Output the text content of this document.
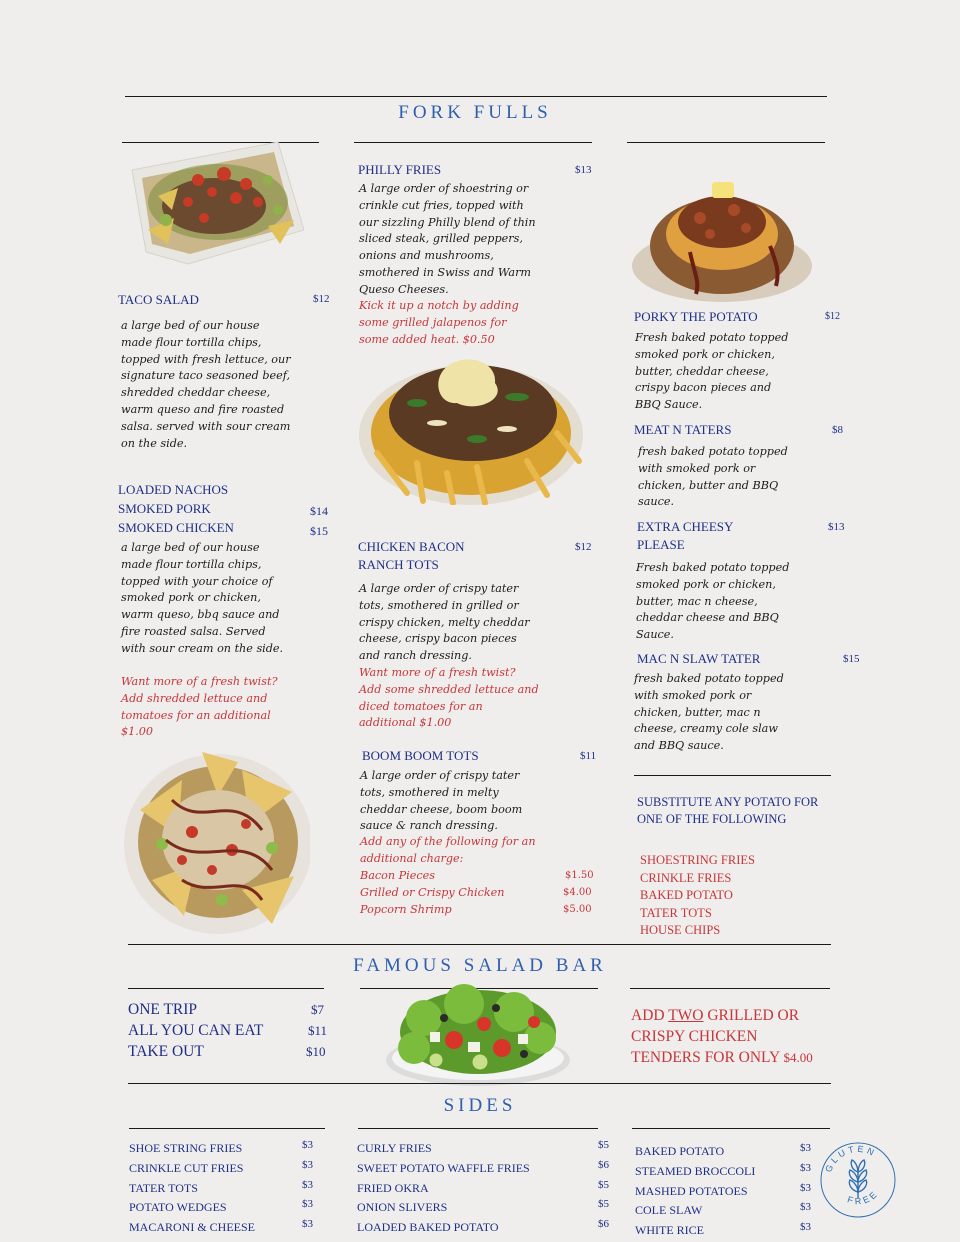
FORK FULLS
TACO SALAD	$12
a large bed of our house made flour tortilla chips, topped with fresh lettuce, our signature taco seasoned beef, shredded cheddar cheese, warm queso and fire roasted salsa. served with sour cream on the side.
LOADED NACHOS
SMOKED PORK	$14
SMOKED CHICKEN	$15
a large bed of our house made flour tortilla chips, topped with your choice of smoked pork or chicken, warm queso, bbq sauce and fire roasted salsa. Served with sour cream on the side.
Want more of a fresh twist? Add shredded lettuce and tomatoes for an additional $1.00
PHILLY FRIES	$13
A large order of shoestring or crinkle cut fries, topped with our sizzling Philly blend of thin sliced steak, grilled peppers, onions and mushrooms, smothered in Swiss and Warm Queso Cheeses.
Kick it up a notch by adding some grilled jalapenos for some added heat. $0.50
CHICKEN BACON
RANCH TOTS
$12
A large order of crispy tater tots, smothered in grilled or crispy chicken, melty cheddar cheese, crispy bacon pieces and ranch dressing.
Want more of a fresh twist? Add some shredded lettuce and diced tomatoes for an additional $1.00
BOOM BOOM TOTS	$11
A large order of crispy tater tots, smothered in melty cheddar cheese, boom boom sauce & ranch dressing.
Add any of the following for an additional charge:
Bacon Pieces	$1.50
Grilled or Crispy Chicken	$4.00
Popcorn Shrimp	$5.00
PORKY THE POTATO	$12
Fresh baked potato topped smoked pork or chicken, butter, cheddar cheese, crispy bacon pieces and BBQ Sauce.
MEAT N TATERS	$8
fresh baked potato topped with smoked pork or chicken, butter and BBQ sauce.
EXTRA CHEESY
PLEASE
$13
Fresh baked potato topped smoked pork or chicken, butter, mac n cheese, cheddar cheese and BBQ Sauce.
MAC N SLAW TATER	$15
fresh baked potato topped with smoked pork or chicken, butter, mac n cheese, creamy cole slaw and BBQ sauce.
SUBSTITUTE ANY POTATO FOR
ONE OF THE FOLLOWING
SHOESTRING FRIES
CRINKLE FRIES
BAKED POTATO
TATER TOTS
HOUSE CHIPS
FAMOUS SALAD BAR
ONE TRIP	$7
ALL YOU CAN EAT	$11
TAKE OUT	$10
ADD TWO GRILLED OR
CRISPY CHICKEN
TENDERS FOR ONLY $4.00
SIDES
SHOE STRING FRIES	$3
CRINKLE CUT FRIES	$3
TATER TOTS	$3
POTATO WEDGES	$3
MACARONI & CHEESE	$3
CURLY FRIES	$5
SWEET POTATO WAFFLE FRIES	$6
FRIED OKRA	$5
ONION SLIVERS	$5
LOADED BAKED POTATO	$6
BAKED POTATO	$3
STEAMED BROCCOLI	$3
MASHED POTATOES	$3
COLE SLAW	$3
WHITE RICE	$3
GLUTEN
FREE
